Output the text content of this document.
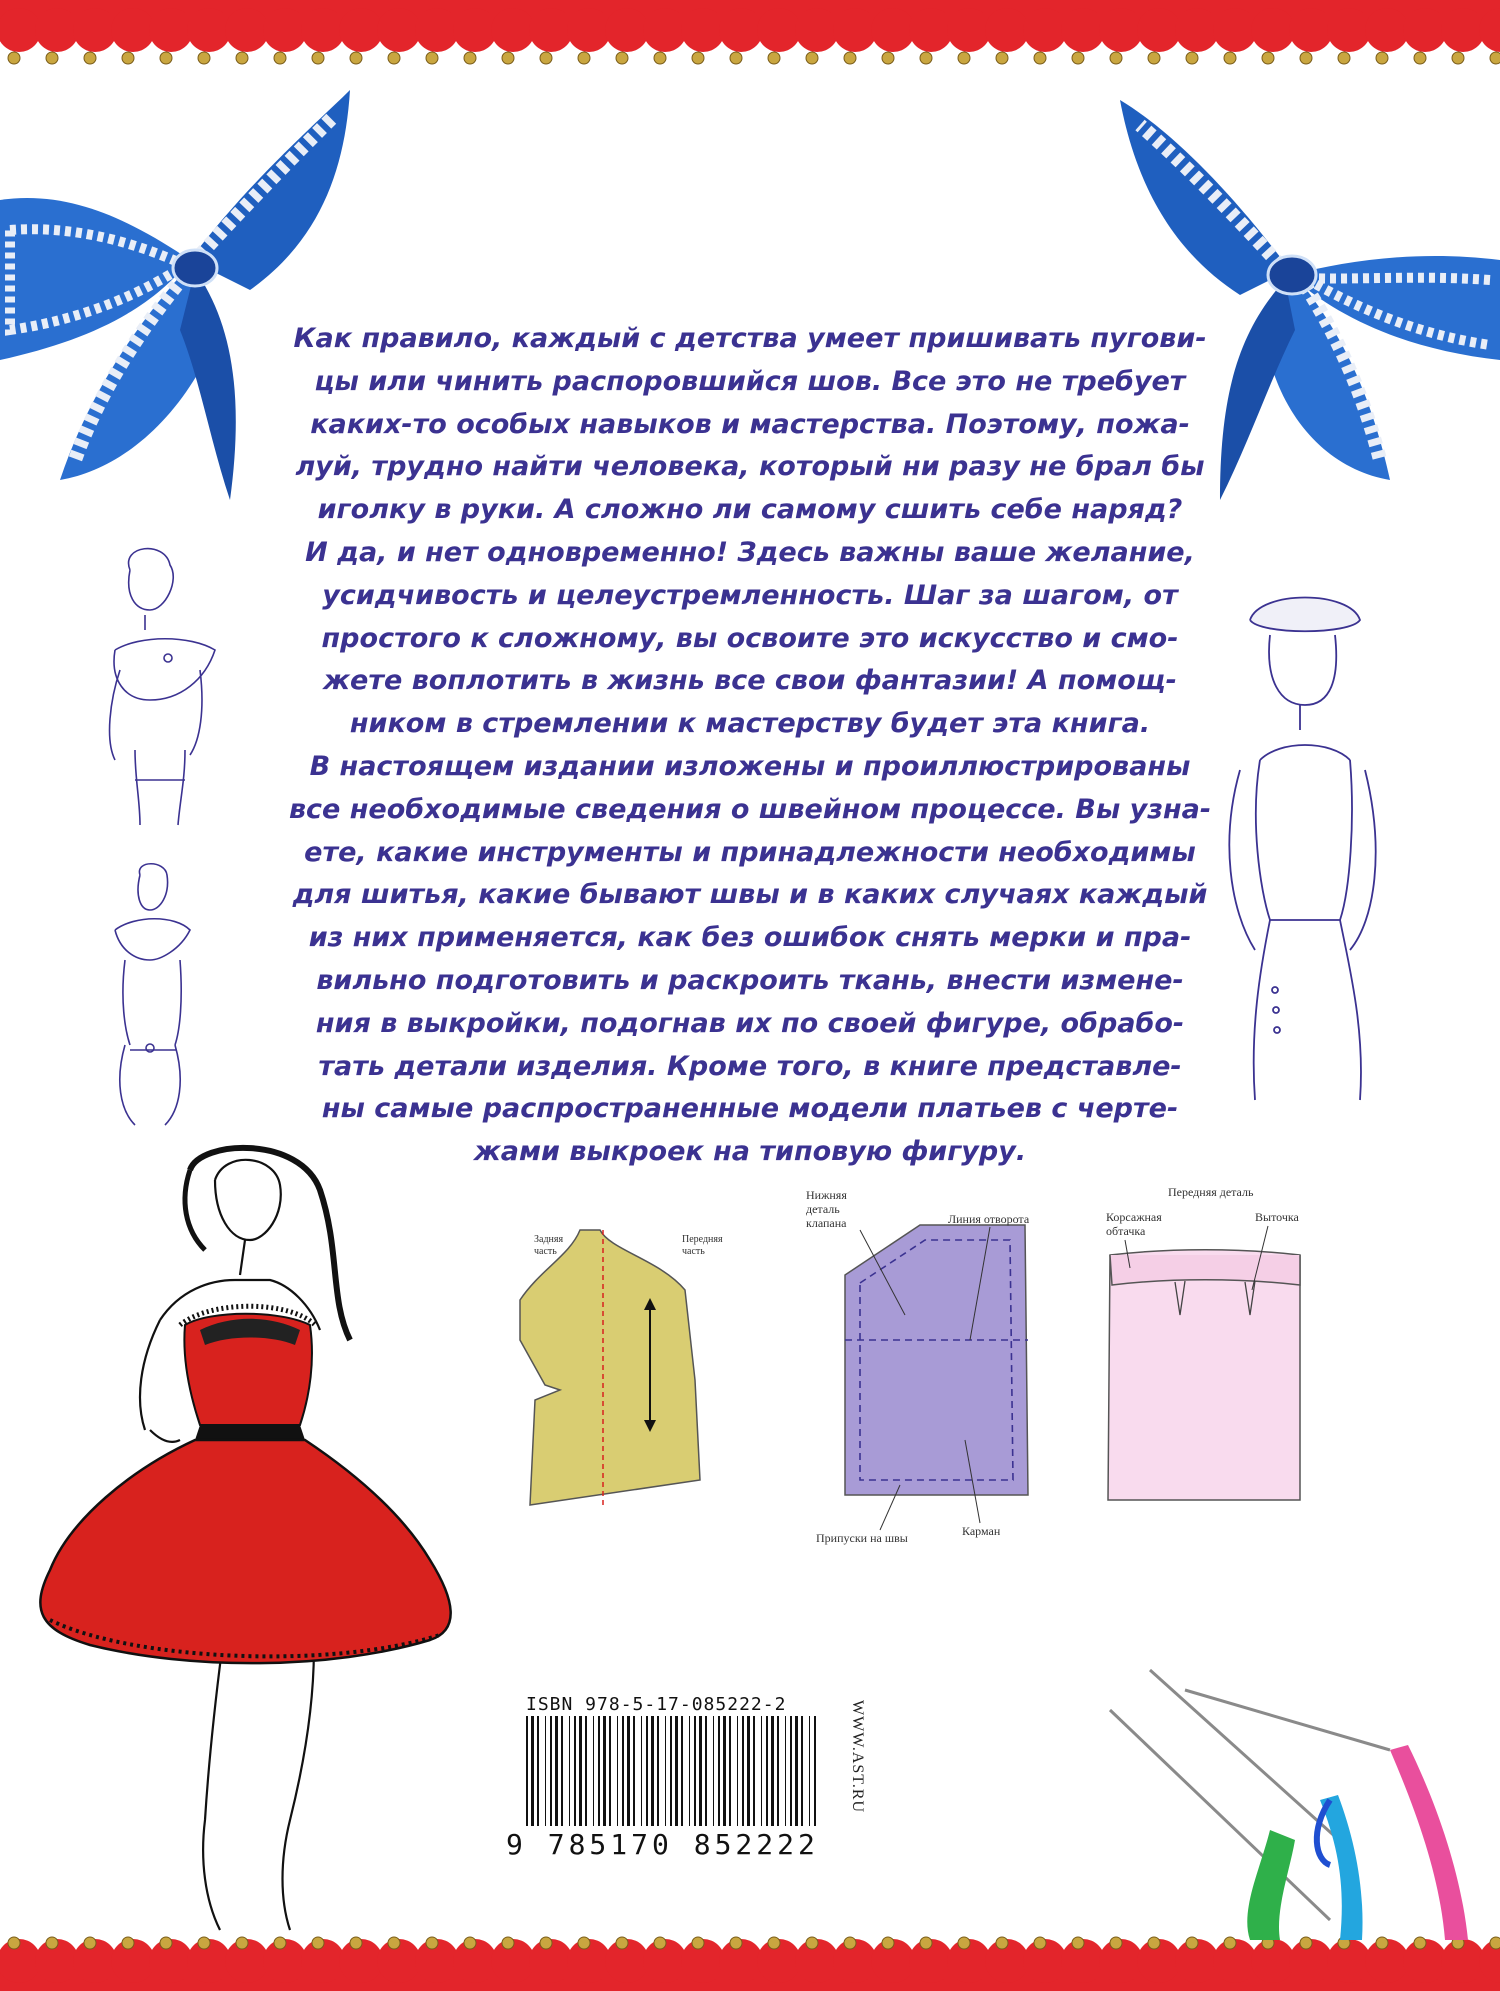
Как правило, каждый с детства умеет пришивать пугови-
цы или чинить распоровшийся шов. Все это не требует
каких-то особых навыков и мастерства. Поэтому, пожа-
луй, трудно найти человека, который ни разу не брал бы
иголку в руки. А сложно ли самому сшить себе наряд?
И да, и нет одновременно! Здесь важны ваше желание,
усидчивость и целеустремленность. Шаг за шагом, от
простого к сложному, вы освоите это искусство и смо-
жете воплотить в жизнь все свои фантазии! А помощ-
ником в стремлении к мастерству будет эта книга.
В настоящем издании изложены и проиллюстрированы
все необходимые сведения о швейном процессе. Вы узна-
ете, какие инструменты и принадлежности необходимы
для шитья, какие бывают швы и в каких случаях каждый
из них применяется, как без ошибок снять мерки и пра-
вильно подготовить и раскроить ткань, внести измене-
ния в выкройки, подогнав их по своей фигуре, обрабо-
тать детали изделия. Кроме того, в книге представле-
ны самые распространенные модели платьев с черте-
жами выкроек на типовую фигуру.
Задняя
часть
Передняя
часть
Нижняя
деталь
клапана	Линия отворота
Припуски на швы	Карман
Передняя деталь
Корсажная
обтачка
Выточка
ISBN 978-5-17-085222-2
9 785170 852222
WWW.AST.RU
